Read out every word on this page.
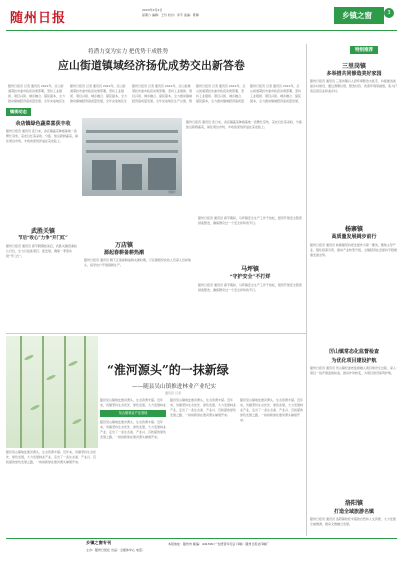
随州日报
2023年2月4日
星期六 编辑：王玲 校对：李平 美编：陈静	乡镇之窗	3
特别推荐
将潜力变为实力 把优势干成胜势
应山街道镇域经济扬优成势交出新答卷
随州日报讯 记者 通讯员 2022年，应山街道紧扣市委市政府决策部署，坚持工业强街、项目兴街、城乡融合、富民固本，全力推动镇域经济高质量发展，全年完成地区生
随州日报讯 记者 通讯员 2022年，应山街道紧扣市委市政府决策部署，坚持工业强街、项目兴街、城乡融合、富民固本，全力推动镇域经济高质量发展，全年完成地区生
随州日报讯 记者 通讯员 2022年，应山街道紧扣市委市政府决策部署，坚持工业强街、项目兴街、城乡融合、富民固本，全力推动镇域经济高质量发展，全年完成地区生产总值、规
随州日报讯 记者 通讯员 2022年，应山街道紧扣市委市政府决策部署，坚持工业强街、项目兴街、城乡融合、富民固本，全力推动镇域经济高质量
随州日报讯 记者 通讯员 2022年，应山街道紧扣市委市政府决策部署，坚持工业强街、项目兴街、城乡融合、富民固本，全力推动镇域经济高质量发展，
三里岗镇
多举措共同修造美好家园
随州日报讯 通讯员 三里岗镇以人居环境整治为抓手，持续推进美丽乡村建设，通过清理垃圾、整治村容、改善环境等措施，着力打造宜居宜业和美乡村。
杨寨镇
高质量发展阔步前行
随州日报讯 通讯员 杨寨镇坚持把发展作为第一要务，聚焦主导产业，强化招商引资，推动产业转型升级，全镇经济社会保持平稳健康发展态势。
厉山镇常态化监督检查
为优化项目建设护航
随州日报讯 通讯员 厉山镇纪委把监督融入项目建设全过程，深入项目一线开展监督检查，推动作风转变，为项目建设保驾护航。
洛阳镇
打造全域旅游名镇
随州日报讯 通讯员 洛阳镇依托丰富的自然和人文资源，大力发展全域旅游，推动文旅融合发展。
镇街动态
余店镇绿色蔬菜喜获丰收
随州日报讯 通讯员 连日来，余店镇蔬菜种植基地一派繁忙景象，菜农们忙着采收、分拣、装运新鲜蔬菜，销往周边市场，丰收的喜悦洋溢在菜农脸上。
随州日报讯 通讯员 连日来，余店镇蔬菜种植基地一派繁忙景象，菜农们忙着采收、分拣、装运新鲜蔬菜，销往周边市场，丰收的喜悦洋溢在菜农脸上。
（摄影）
武胜关镇
节后“收心”力争“开门红”
随州日报讯 通讯员 春节假期结束后，武胜关镇迅速收心归位，全力以赴抓项目、促发展，确保一季度实现“开门红”。
万店镇
源起春耕备耕热潮
随州日报讯 通讯员 眼下正值春耕备耕关键时期，万店镇组织农技人员深入田间地头，指导农户开展春耕生产。
马坪镇
“守护安全”不打烊
随州日报讯 通讯员 春节期间，马坪镇安全生产工作不放松，组织开展安全隐患排查整治，确保群众过一个安全祥和的节日。
随州日报讯 通讯员 春节期间，马坪镇安全生产工作不放松，组织开展安全隐患排查整治，确保群众过一个安全祥和的节日。
随县吴山镇地处淮河源头，生态资源丰富。近年来，该镇坚持生态优先、绿色发展，大力发展林业产业，走出了一条生态美、产业兴、百姓富的绿色发展之路，一抹抹新绿在淮河源头铺展开来。
“淮河源头”的一抹新绿
——随县吴山镇推进林业产业纪实
通讯员 记者
吴山镇林业产业基地
随县吴山镇地处淮河源头，生态资源丰富。近年来，该镇坚持生态优先、绿色发展，大力发展林业
随县吴山镇地处淮河源头，生态资源丰富。近年来，该镇坚持生态优先、绿色发展，大力发展林业产业，走出了一条生态美、产业兴、百姓富的绿色发展之路，一抹抹新绿在淮河源头铺展开来。
随县吴山镇地处淮河源头，生态资源丰富。近年来，该镇坚持生态优先、绿色发展，大力发展林业产业，走出了一条生态美、产业兴、百姓富的绿色发展之路，一抹抹新绿在淮河源头铺展开来。
随县吴山镇地处淮河源头，生态资源丰富。近年来，该镇坚持生态优先、绿色发展，大力发展林业产业，走出了一条生态美、产业兴、百姓富的绿色发展之路，一抹抹新绿在淮河源头铺展开来。
乡镇之窗专刊
主办：随州日报社 出品：全媒体中心 电话：
本报地址：随州市 邮编：441300 广告经营许可证 印刷：随州日报社印刷厂
